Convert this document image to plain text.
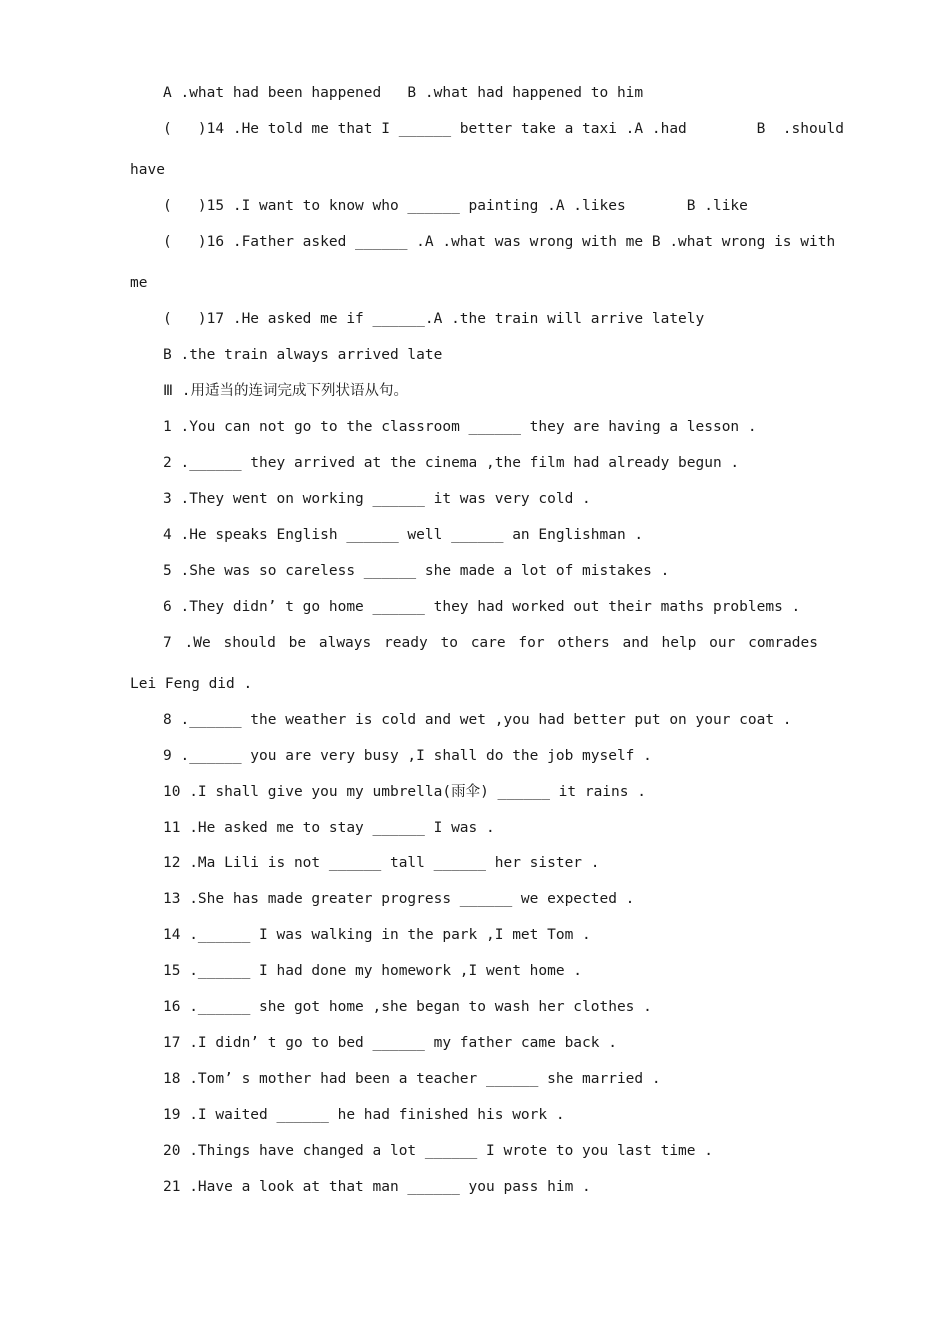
A .what had been happened   B .what had happened to him
(   )14 .He told me that I ______ better take a taxi .A .had        B  .should
have
(   )15 .I want to know who ______ painting .A .likes       B .like
(   )16 .Father asked ______ .A .what was wrong with me B .what wrong is with
me
(   )17 .He asked me if ______.A .the train will arrive lately
B .the train always arrived late
Ⅲ .用适当的连词完成下列状语从句。
1 .You can not go to the classroom ______ they are having a lesson .
2 .______ they arrived at the cinema ,the film had already begun .
3 .They went on working ______ it was very cold .
4 .He speaks English ______ well ______ an Englishman .
5 .She was so careless ______ she made a lot of mistakes .
6 .They didn’ t go home ______ they had worked out their maths problems .
7 .We should be always ready to care for others and help our comrades
Lei Feng did .
8 .______ the weather is cold and wet ,you had better put on your coat .
9 .______ you are very busy ,I shall do the job myself .
10 .I shall give you my umbrella(雨伞) ______ it rains .
11 .He asked me to stay ______ I was .
12 .Ma Lili is not ______ tall ______ her sister .
13 .She has made greater progress ______ we expected .
14 .______ I was walking in the park ,I met Tom .
15 .______ I had done my homework ,I went home .
16 .______ she got home ,she began to wash her clothes .
17 .I didn’ t go to bed ______ my father came back .
18 .Tom’ s mother had been a teacher ______ she married .
19 .I waited ______ he had finished his work .
20 .Things have changed a lot ______ I wrote to you last time .
21 .Have a look at that man ______ you pass him .
